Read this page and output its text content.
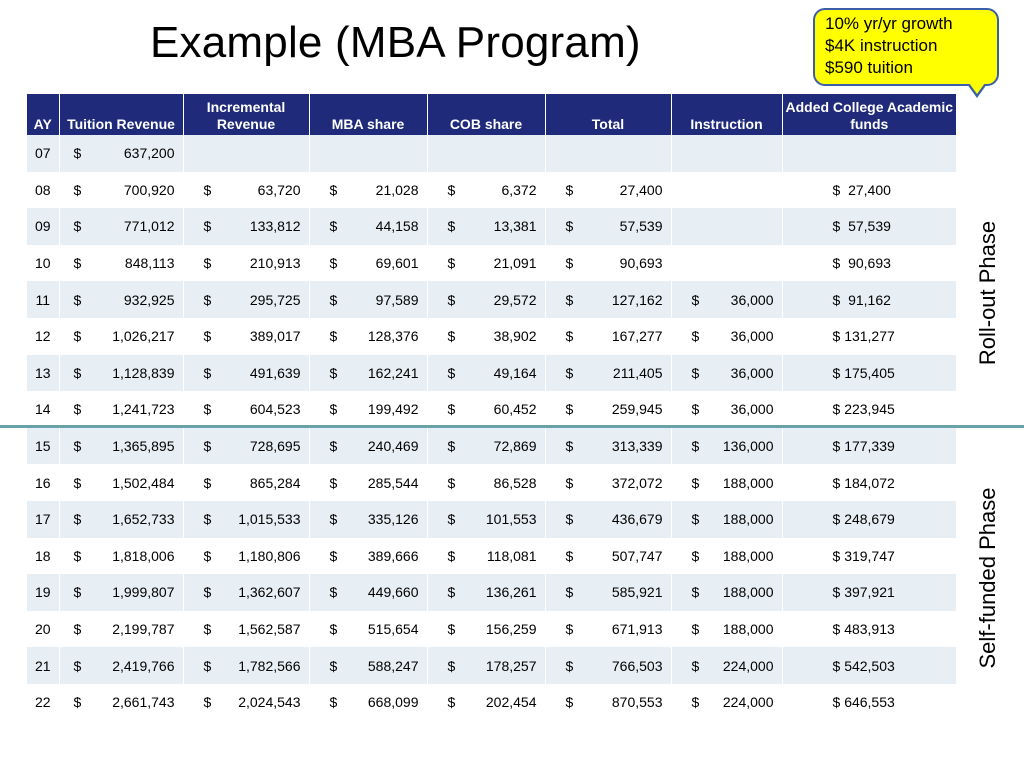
Example (MBA Program)	10% yr/yr growth
$4K instruction
$590 tuition
AY	Tuition Revenue	Incremental Revenue	MBA share	COB share	Total	Instruction	Added College Academic funds
07	$ 637,200						

08	$ 700,920	$ 63,720	$ 21,028	$ 6,372	$ 27,400		$ 27,400
09	$ 771,012	$ 133,812	$ 44,158	$ 13,381	$ 57,539		$ 57,539
10	$ 848,113	$ 210,913	$ 69,601	$ 21,091	$ 90,693		$ 90,693
11	$ 932,925	$ 295,725	$ 97,589	$ 29,572	$ 127,162	$ 36,000	$ 91,162
12	$ 1,026,217	$ 389,017	$ 128,376	$ 38,902	$ 167,277	$ 36,000	$ 131,277
13	$ 1,128,839	$ 491,639	$ 162,241	$ 49,164	$ 211,405	$ 36,000	$ 175,405
14	$ 1,241,723	$ 604,523	$ 199,492	$ 60,452	$ 259,945	$ 36,000	$ 223,945
15	$ 1,365,895	$ 728,695	$ 240,469	$ 72,869	$ 313,339	$ 136,000	$ 177,339
16	$ 1,502,484	$ 865,284	$ 285,544	$ 86,528	$ 372,072	$ 188,000	$ 184,072
17	$ 1,652,733	$ 1,015,533	$ 335,126	$ 101,553	$ 436,679	$ 188,000	$ 248,679
18	$ 1,818,006	$ 1,180,806	$ 389,666	$ 118,081	$ 507,747	$ 188,000	$ 319,747
19	$ 1,999,807	$ 1,362,607	$ 449,660	$ 136,261	$ 585,921	$ 188,000	$ 397,921
20	$ 2,199,787	$ 1,562,587	$ 515,654	$ 156,259	$ 671,913	$ 188,000	$ 483,913
21	$ 2,419,766	$ 1,782,566	$ 588,247	$ 178,257	$ 766,503	$ 224,000	$ 542,503
22	$ 2,661,743	$ 2,024,543	$ 668,099	$ 202,454	$ 870,553	$ 224,000	$ 646,553
Roll-out Phase
Self-funded Phase
